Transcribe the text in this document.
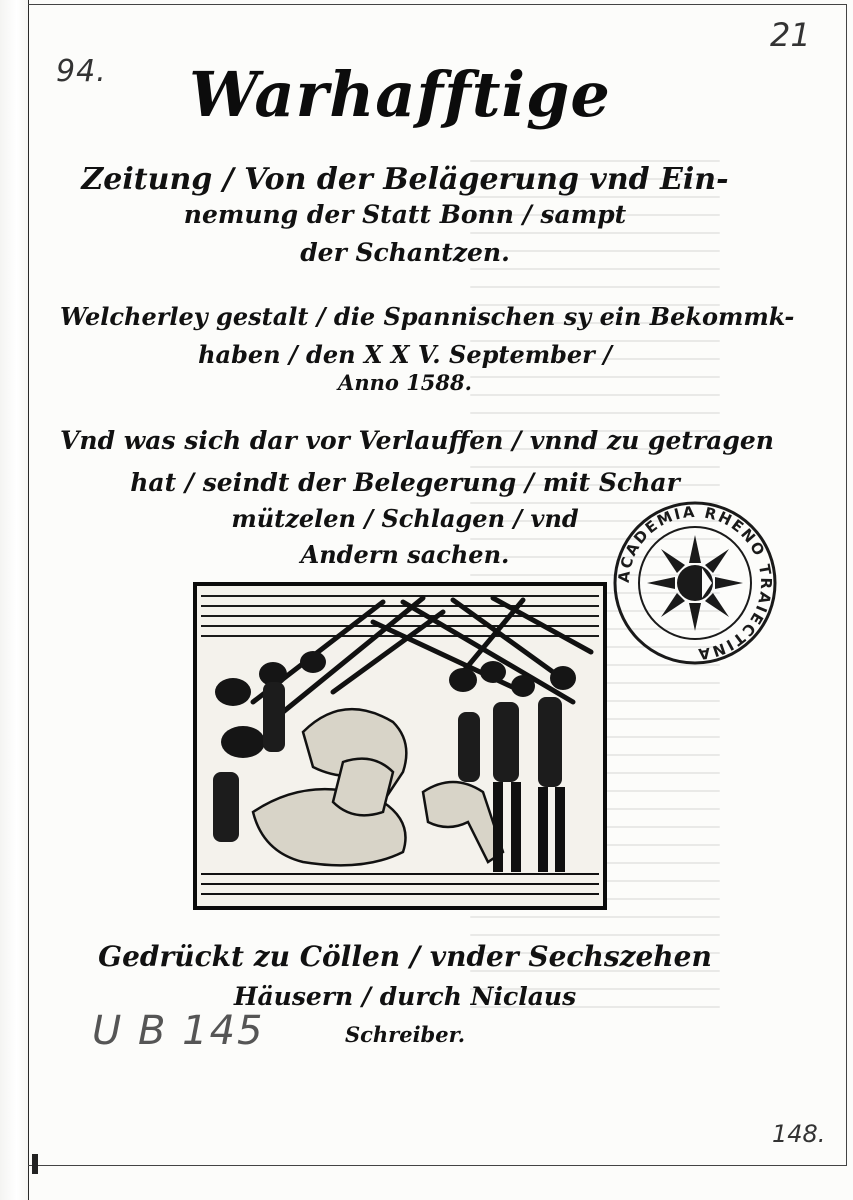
94.
21
148.
U B 145
Warhafftige
Zeitung / Von der Belägerung vnd Ein-
nemung der Statt Bonn / sampt
der Schantzen.
Welcherley gestalt / die Spannischen sy ein Bekommk-
haben / den X X V. September /
Anno 1588.
Vnd was sich dar vor Verlauffen / vnnd zu getragen
hat / seindt der Belegerung / mit Schar
mützelen / Schlagen / vnd
Andern sachen.
ACADEMIA RHENO TRAIECTINA
Gedrückt zu Cöllen / vnder Sechszehen
Häusern / durch Niclaus
Schreiber.
